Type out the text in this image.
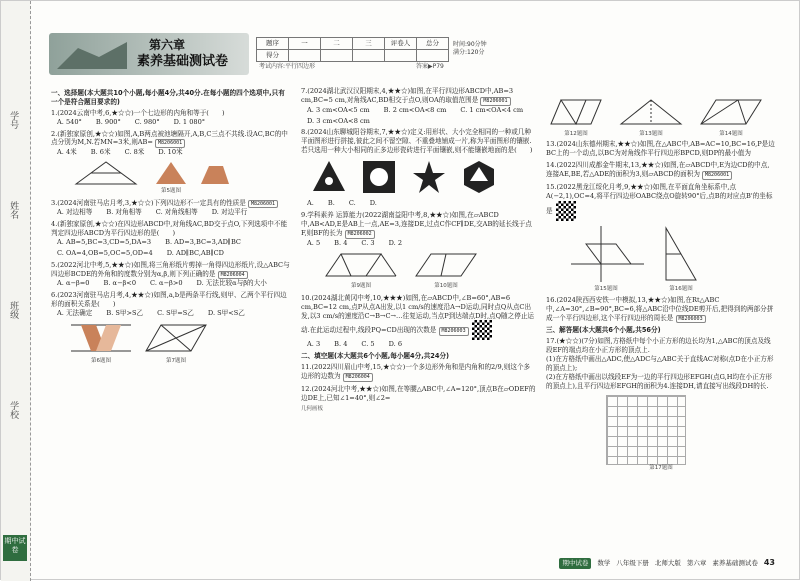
学号
姓名
班级
学校
期中试卷
第六章
素养基础测试卷
题序	一	二	三	评卷人	总分
得分					
时间:90分钟
满分:120分
考试内容:平行四边形	答案▶P79
一、选择题(本大题共10个小题,每小题4分,共40分.在每小题的四个选项中,只有一个是符合题目要求的)
1.(2024云南中考,6,★☆☆)一个七边形的内角和等于(　　)
A. 540° B. 900° C. 980° D. 1 080°
2.(新独家原创,★☆☆)如图,A,B两点被池塘隔开,A,B,C三点不共线.设AC,BC的中点分别为M,N.若MN=3米,则AB= M8206001
A. 4米 B. 6米 C. 8米 D. 10米
第5题图
3.(2024河南驻马店月考,3,★☆☆)下列四边形不一定具有的性质是 M8206001
A. 对边相等 B. 对角相等 C. 对角线相等 D. 对边平行
4.(新独家原创,★☆☆)在四边形ABCD中,对角线AC,BD交于点O,下列选项中不能判定四边形ABCD为平行四边形的是(　　)
A. AB=5,BC=3,CD=5,DA=3 B. AD=3,BC=3,AD∥BC
C. OA=4,OB=5,OC=5,OD=4 D. AD∥BC,AB∥CD
5.(2022河北中考,5,★★☆)如图,将三角形纸片剪掉一角得四边形纸片,设△ABC与四边形BCDE的外角和的度数分别为α,β,则下列正确的是 M8206004
A. α−β=0 B. α−β<0 C. α−β>0 D. 无法比较α与β的大小
6.(2023河南驻马店月考,4,★★☆)如图,a,b是两条平行线,则甲、乙两个平行四边形的面积关系是(　　)
A. 无法确定 B. S甲>S乙 C. S甲=S乙 D. S甲<S乙
第6题图	第7题图
7.(2024湖北武汉汉阳期末,4,★★☆)如图,在平行四边形ABCD中,AB=3 cm,BC=5 cm,对角线AC,BD相交于点O,则OA的取值范围是 M8206001
A. 3 cm<OA<5 cm B. 2 cm<OA<8 cm C. 1 cm<OA<4 cm
D. 3 cm<OA<8 cm
8.(2024山东聊城阳谷期末,7,★★☆)定义:用形状、大小完全相同的一种或几种平面图形进行拼接,彼此之间不留空隙、不重叠地铺成一片,称为平面图形的镶嵌.若只选用一种大小相同的正多边形瓷砖进行平面镶嵌,则不能镶嵌地面的是(　　)
A. B. C. D.
9.学科素养 运算能力(2022湖南益阳中考,8,★★☆)如图,在▱ABCD中,AB<AD,E是AB上一点,AE=3,连接DE,过点C作CF∥DE,交AB的延长线于点F,则BF的长为 M8206002
A. 5 B. 4 C. 3 D. 2
第9题图	第10题图
10.(2024湖北黄冈中考,10,★★★)如图,在▱ABCD中,∠B=60°,AB=6 cm,BC=12 cm,点P从点A出发,以1 cm/s的速度沿A→D运动,同时点Q从点C出发,以3 cm/s的速度沿C→B→C→…往复运动,当点P到达端点D时,点Q随之停止运动.在此运动过程中,线段PQ=CD出现的次数是 M8206003
A. 3 B. 4 C. 5 D. 6
二、填空题(本大题共6个小题,每小题4分,共24分)
11.(2022四川眉山中考,15,★☆☆)一个多边形外角和是内角和的2/9,则这个多边形的边数为 M8206004
12.(2024河北中考,★★☆)如图,在等腰△ABC中,∠A=120°,顶点B在▱ODEF的边DE上,已知∠1=40°,则∠2=
几何画板
第12题图	第13题图	第14题图
13.(2024山东德州期末,★★☆)如图,在△ABC中,AB=AC=10,BC=16,P是边BC上的一个动点,以BC为对角线作平行四边形BPCD,则DP的最小值为
14.(2022四川成都金牛期末,13,★★☆)如图,在▱ABCD中,E为边CD的中点,连接AE,BE,若△ADE的面积为3,则▱ABCD的面积为 M8206001
15.(2022黑龙江绥化月考,9,★★☆)如图,在平面直角坐标系中,点A(−2,1),OC=4,将平行四边形OABC绕点O旋转90°后,点B的对应点B'的坐标是
第15题图	第16题图
16.(2024陕西西安铁一中模拟,13,★★☆)如图,在Rt△ABC中,∠A=30°,∠B=90°,BC=6,将△ABC沿中位线DE剪开后,把得到的两部分拼成一个平行四边形,这个平行四边形的周长是 M8206003
三、解答题(本大题共6个小题,共56分)
17.(★☆☆)(7分)如图,方格纸中每个小正方形的边长均为1,△ABC的顶点及线段EF的端点均在小正方形的顶点上.
(1)在方格纸中画出△ADC,使△ADC与△ABC关于直线AC对称(点D在小正方形的顶点上);
(2)在方格纸中画出以线段EF为一边的平行四边形EFGH(点G,H均在小正方形的顶点上),且平行四边形EFGH的面积为4.连接DH,请直接写出线段DH的长.
第17题图
期中试卷	数学 八年级下册 北师大版 第六章 素养基础测试卷 43
